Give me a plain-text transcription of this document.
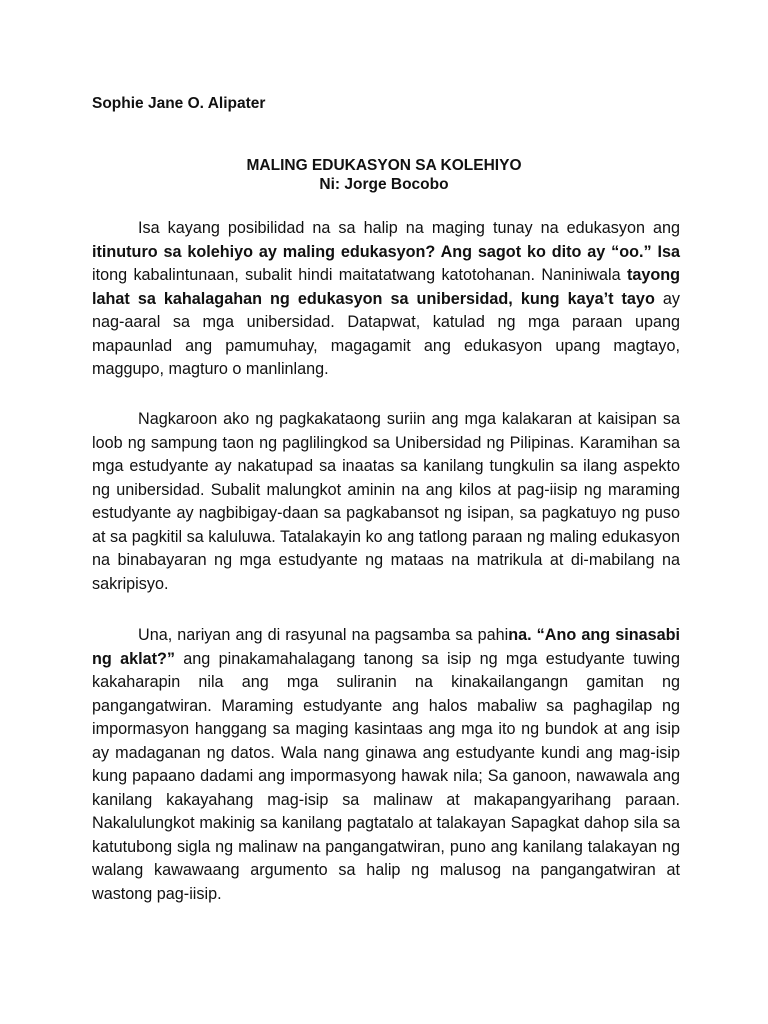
Sophie Jane O. Alipater

MALING EDUKASYON SA KOLEHIYO
Ni: Jorge Bocobo

Isa kayang posibilidad na sa halip na maging tunay na edukasyon ang itinuturo sa kolehiyo ay maling edukasyon? Ang sagot ko dito ay “oo.” Isa itong kabalintunaan, subalit hindi maitatatwang katotohanan. Naniniwala tayong lahat sa kahalagahan ng edukasyon sa unibersidad, kung kaya’t tayo ay nag-aaral sa mga unibersidad. Datapwat, katulad ng mga paraan upang mapaunlad ang pamumuhay, magagamit ang edukasyon upang magtayo, maggupo, magturo o manlinlang.

Nagkaroon ako ng pagkakataong suriin ang mga kalakaran at kaisipan sa loob ng sampung taon ng paglilingkod sa Unibersidad ng Pilipinas. Karamihan sa mga estudyante ay nakatupad sa inaatas sa kanilang tungkulin sa ilang aspekto ng unibersidad. Subalit malungkot aminin na ang kilos at pag-iisip ng maraming estudyante ay nagbibigay-daan sa pagkabansot ng isipan, sa pagkatuyo ng puso at sa pagkitil sa kaluluwa. Tatalakayin ko ang tatlong paraan ng maling edukasyon na binabayaran ng mga estudyante ng mataas na matrikula at di-mabilang na sakripisyo.

Una, nariyan ang di rasyunal na pagsamba sa pahina. “Ano ang sinasabi ng aklat?” ang pinakamahalagang tanong sa isip ng mga estudyante tuwing kakaharapin nila ang mga suliranin na kinakailangangn gamitan ng pangangatwiran. Maraming estudyante ang halos mabaliw sa paghagilap ng impormasyon hanggang sa maging kasintaas ang mga ito ng bundok at ang isip ay madaganan ng datos. Wala nang ginawa ang estudyante kundi ang mag-isip kung papaano dadami ang impormasyong hawak nila; Sa ganoon, nawawala ang kanilang kakayahang mag-isip sa malinaw at makapangyarihang paraan. Nakalulungkot makinig sa kanilang pagtatalo at talakayan Sapagkat dahop sila sa katutubong sigla ng malinaw na pangangatwiran, puno ang kanilang talakayan ng walang kawawaang argumento sa halip ng malusog na pangangatwiran at wastong pag-iisip.
